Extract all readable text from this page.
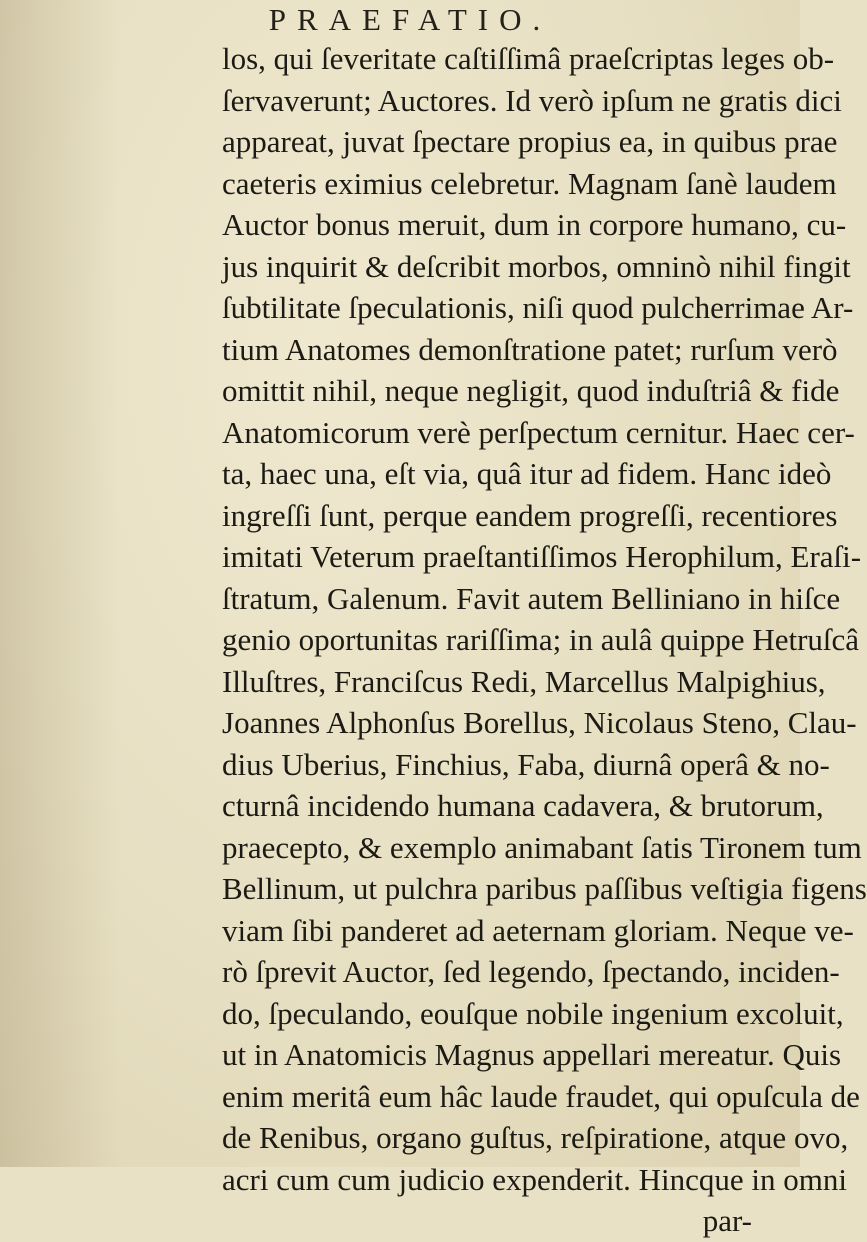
PRAEFATIO.
los, qui ſeveritate caſtiſſimâ praeſcriptas leges ob-
ſervaverunt; Auctores. Id verò ipſum ne gratis dici
appareat, juvat ſpectare propius ea, in quibus prae
caeteris eximius celebretur. Magnam ſanè laudem
Auctor bonus meruit, dum in corpore humano, cu-
jus inquirit & deſcribit morbos, omninò nihil fingit
ſubtilitate ſpeculationis, niſi quod pulcherrimae Ar-
tium Anatomes demonſtratione patet; rurſum verò
omittit nihil, neque negligit, quod induſtriâ & fide
Anatomicorum verè perſpectum cernitur. Haec cer-
ta, haec una, eſt via, quâ itur ad fidem. Hanc ideò
ingreſſi ſunt, perque eandem progreſſi, recentiores
imitati Veterum praeſtantiſſimos Herophilum, Eraſi-
ſtratum, Galenum. Favit autem Belliniano in hiſce
genio oportunitas rariſſima; in aulâ quippe Hetruſcâ
Illuſtres, Franciſcus Redi, Marcellus Malpighius,
Joannes Alphonſus Borellus, Nicolaus Steno, Clau-
dius Uberius, Finchius, Faba, diurnâ operâ & no-
cturnâ incidendo humana cadavera, & brutorum,
praecepto, & exemplo animabant ſatis Tironem tum
Bellinum, ut pulchra paribus paſſibus veſtigia figens
viam ſibi panderet ad aeternam gloriam. Neque ve-
rò ſprevit Auctor, ſed legendo, ſpectando, inciden-
do, ſpeculando, eouſque nobile ingenium excoluit,
ut in Anatomicis Magnus appellari mereatur. Quis
enim meritâ eum hâc laude fraudet, qui opuſcula de
de Renibus, organo guſtus, reſpiratione, atque ovo,
acri cum cum judicio expenderit. Hincque in omni
par-
